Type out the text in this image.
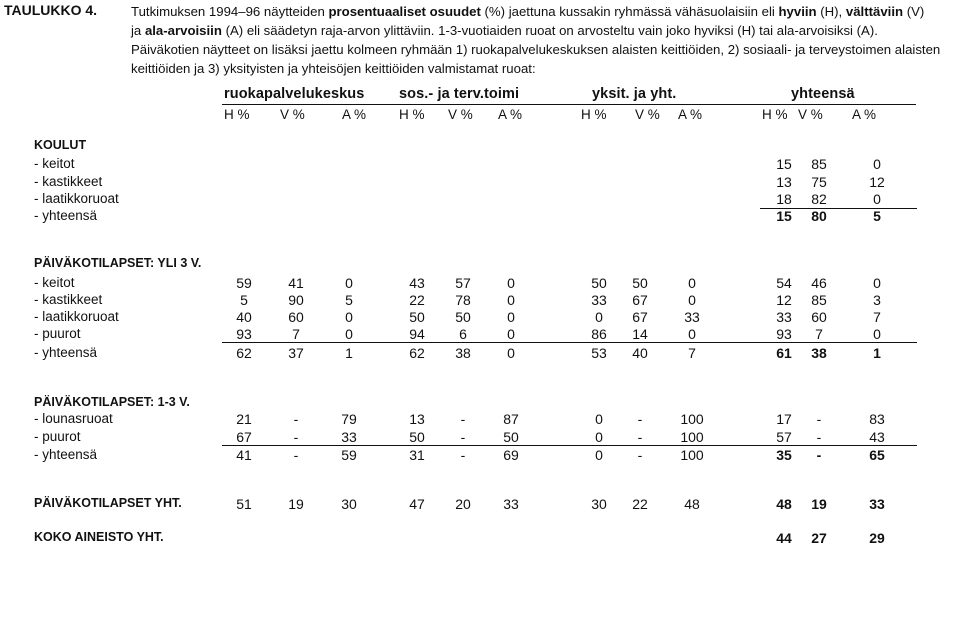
TAULUKKO 4.	Tutkimuksen 1994–96 näytteiden prosentuaaliset osuudet (%) jaettuna kussakin ryhmässä vähäsuolaisiin eli hyviin (H), välttäviin (V)

ja ala-arvoisiin (A) eli säädetyn raja-arvon ylittäviin. 1-3-vuotiaiden ruoat on arvosteltu vain joko hyviksi (H) tai ala-arvoisiksi (A).

Päiväkotien näytteet on lisäksi jaettu kolmeen ryhmään 1) ruokapalvelukeskuksen alaisten keittiöiden, 2) sosiaali- ja terveystoimen alaisten keittiöiden ja 3) yksityisten ja yhteisöjen keittiöiden valmistamat ruoat:

ruokapalvelukeskus sos.- ja terv.toimi	yksit. ja yht.	yhteensä
H % V %	A % H % V % A %	H % V % A %	H % V % A %
KOULUT
- keitot	15 85	0
- kastikkeet	13 75	12
- laatikkoruoat	18 82	0
- yhteensä	15 80	5
PÄIVÄKOTILAPSET: YLI 3 V.
- keitot	59	41	0	43 57	0	50 50	0	54 46	0
- kastikkeet	5	90	5	22 78	0	33 67	0	12 85	3
- laatikkoruoat	40	60	0	50 50	0	0 67	33	33 60	7
- puurot	93	7	0	94 6	0	86 14	0	93 7	0
- yhteensä	62	37	1	62 38	0	53 40	7	61 38	1
PÄIVÄKOTILAPSET: 1-3 V.
- lounasruoat	21	-	79	13	-	87	0 -	100	17 -	83
- puurot	67	-	33	50	-	50	0 -	100	57 -	43
- yhteensä	41	-	59	31	-	69	0 -	100	35 -	65
PÄIVÄKOTILAPSET YHT.	51	19	30	47 20 33	30 22	48	48 19	33
KOKO AINEISTO YHT.	44 27	29
